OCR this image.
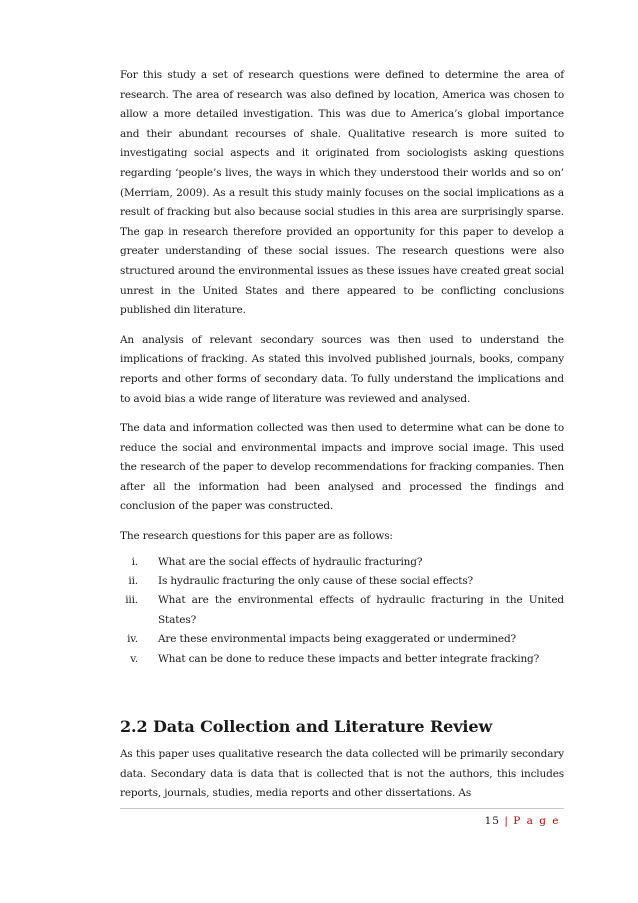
For this study a set of research questions were defined to determine the area of research. The area of research was also defined by location, America was chosen to allow a more detailed investigation. This was due to America’s global importance and their abundant recourses of shale. Qualitative research is more suited to investigating social aspects and it originated from sociologists asking questions regarding ‘people’s lives, the ways in which they understood their worlds and so on’ (Merriam, 2009). As a result this study mainly focuses on the social implications as a result of fracking but also because social studies in this area are surprisingly sparse. The gap in research therefore provided an opportunity for this paper to develop a greater understanding of these social issues. The research questions were also structured around the environmental issues as these issues have created great social unrest in the United States and there appeared to be conflicting conclusions published din literature.

An analysis of relevant secondary sources was then used to understand the implications of fracking. As stated this involved published journals, books, company reports and other forms of secondary data. To fully understand the implications and to avoid bias a wide range of literature was reviewed and analysed.

The data and information collected was then used to determine what can be done to reduce the social and environmental impacts and improve social image. This used the research of the paper to develop recommendations for fracking companies. Then after all the information had been analysed and processed the findings and conclusion of the paper was constructed.

The research questions for this paper are as follows:

i. What are the social effects of hydraulic fracturing?
ii. Is hydraulic fracturing the only cause of these social effects?
iii. What are the environmental effects of hydraulic fracturing in the United States?
iv. Are these environmental impacts being exaggerated or undermined?
v. What can be done to reduce these impacts and better integrate fracking?
2.2 Data Collection and Literature Review

As this paper uses qualitative research the data collected will be primarily secondary data. Secondary data is data that is collected that is not the authors, this includes reports, journals, studies, media reports and other dissertations. As

15 | P a g e
